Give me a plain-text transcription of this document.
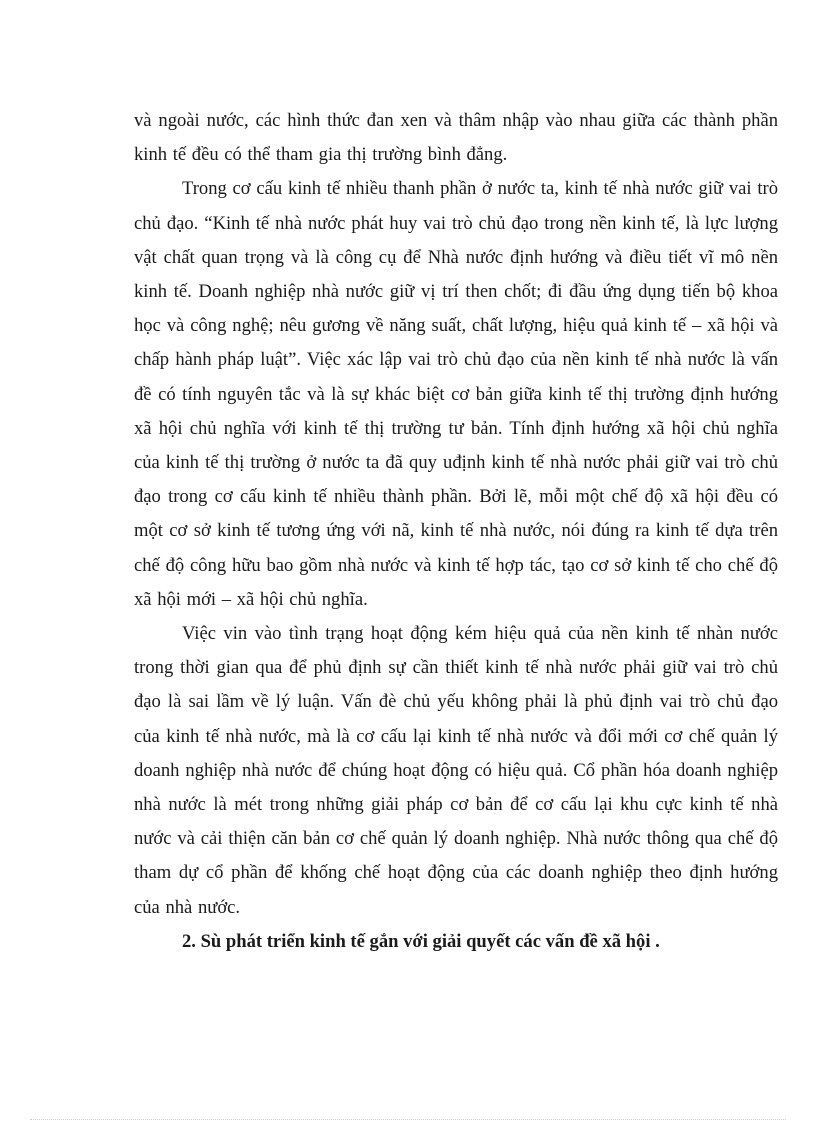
và ngoài nước, các hình thức đan xen và thâm nhập vào nhau giữa các thành phần kinh tế đều có thể tham gia thị trường bình đẳng.

Trong cơ cấu kinh tế nhiều thanh phần ở nước ta, kinh tế nhà nước giữ vai trò chủ đạo. “Kinh tế nhà nước phát huy vai trò chủ đạo trong nền kinh tế, là lực lượng vật chất quan trọng và là công cụ để Nhà nước định hướng và điều tiết vĩ mô nền kinh tế. Doanh nghiệp nhà nước giữ vị trí then chốt; đi đầu ứng dụng tiến bộ khoa học và công nghệ; nêu gương về năng suất, chất lượng, hiệu quả kinh tế – xã hội và chấp hành pháp luật”. Việc xác lập vai trò chủ đạo của nền kinh tế nhà nước là vấn đề có tính nguyên tắc và là sự khác biệt cơ bản giữa kinh tế thị trường định hướng xã hội chủ nghĩa với kinh tế thị trường tư bản. Tính định hướng xã hội chủ nghĩa của kinh tế thị trường ở nước ta đã quy uđịnh kinh tế nhà nước phải giữ vai trò chủ đạo trong cơ cấu kinh tế nhiều thành phần. Bởi lẽ, mỗi một chế độ xã hội đều có một cơ sở kinh tế tương ứng với nã, kinh tế nhà nước, nói đúng ra kinh tế dựa trên chế độ công hữu bao gồm nhà nước và kinh tế hợp tác, tạo cơ sở kinh tế cho chế độ xã hội mới – xã hội chủ nghĩa.

Việc vin vào tình trạng hoạt động kém hiệu quả của nền kinh tế nhàn nước trong thời gian qua để phủ định sự cần thiết kinh tế nhà nước phải giữ vai trò chủ đạo là sai lầm về lý luận. Vấn đè chủ yếu không phải là phủ định vai trò chủ đạo của kinh tế nhà nước, mà là cơ cấu lại kinh tế nhà nước và đổi mới cơ chế quản lý doanh nghiệp nhà nước để chúng hoạt động có hiệu quả. Cổ phần hóa doanh nghiệp nhà nước là mét trong những giải pháp cơ bản để cơ cấu lại khu cực kinh tế nhà nước và cải thiện căn bản cơ chế quản lý doanh nghiệp. Nhà nước thông qua chế độ tham dự cổ phần để khống chế hoạt động của các doanh nghiệp theo định hướng của nhà nước.

2. Sù phát triển kinh tế gắn với giải quyết các vấn đề xã hội .
